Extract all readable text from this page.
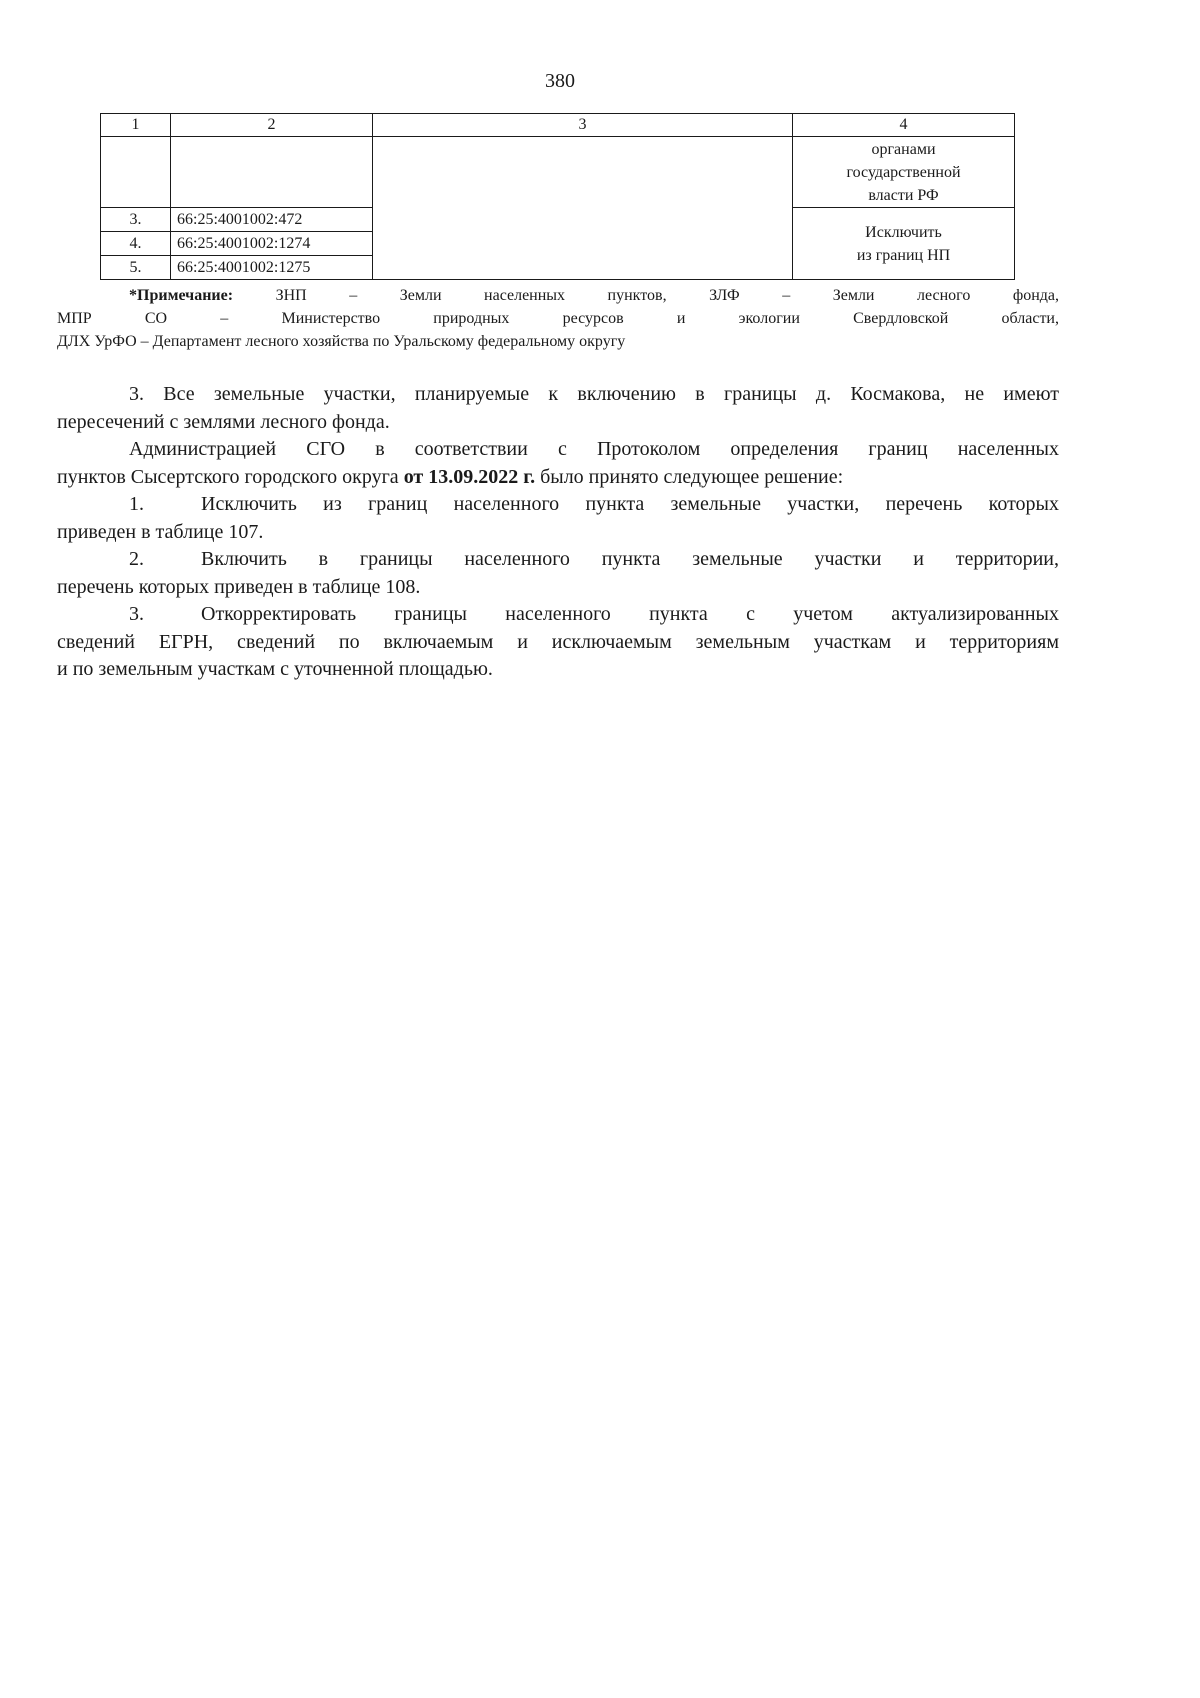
380
1	2	3	4

			органами
государственной
власти РФ

3.	66:25:4001002:472		Исключить
из границ НП

4.	66:25:4001002:1274		
5.	66:25:4001002:1275		
*Примечание:	ЗНП – Земли населенных пунктов, ЗЛФ – Земли лесного фонда,
МПР СО – Министерство природных ресурсов и экологии Свердловской области,
ДЛХ УрФО – Департамент лесного хозяйства по Уральскому федеральному округу
3. Все земельные участки, планируемые к включению в границы д. Космакова, не имеют
пересечений с землями лесного фонда.
Администрацией СГО в соответствии с Протоколом определения границ населенных
пунктов Сысертского городского округа от 13.09.2022 г. было принято следующее решение:
1.	Исключить из границ населенного пункта земельные участки, перечень которых
приведен в таблице 107.
2.	Включить в границы населенного пункта земельные участки и территории,
перечень которых приведен в таблице 108.
3.	Откорректировать границы населенного пункта с учетом актуализированных
сведений ЕГРН, сведений по включаемым и исключаемым земельным участкам и территориям
и по земельным участкам с уточненной площадью.
